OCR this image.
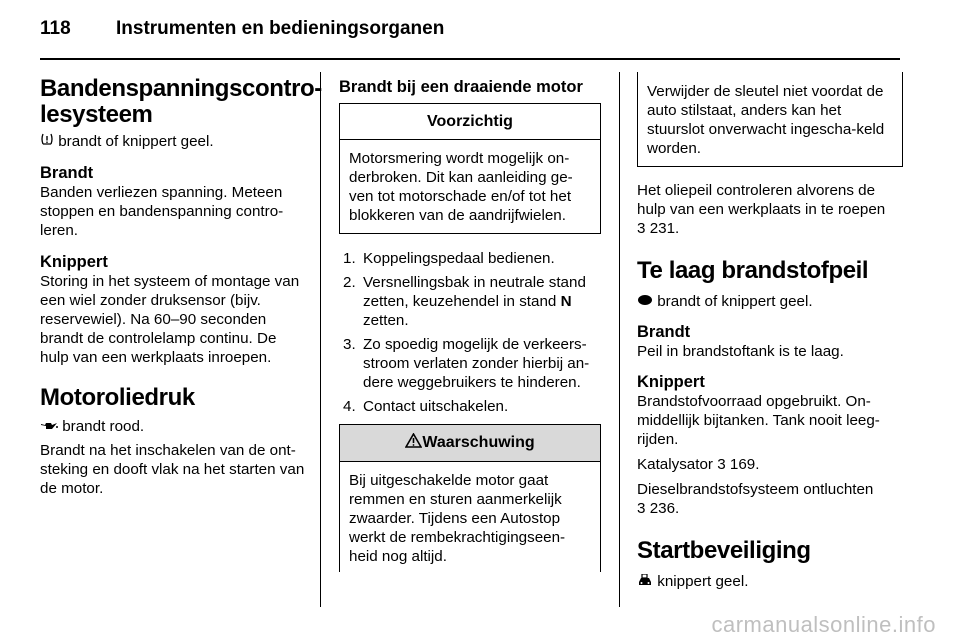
118 Instrumenten en bedieningsorganen
Bandenspanningscontro-
lesysteem

brandt of knippert geel.

Brandt

Banden verliezen spanning. Meteen stoppen en bandenspanning contro-leren.

Knippert

Storing in het systeem of montage van een wiel zonder druksensor (bijv. reservewiel). Na 60–90 seconden brandt de controlelamp continu. De hulp van een werkplaats inroepen.

Motoroliedruk

brandt rood.

Brandt na het inschakelen van de ont-steking en dooft vlak na het starten van de motor.

Brandt bij een draaiende motor
Voorzichtig
Motorsmering wordt mogelijk on-derbroken. Dit kan aanleiding ge-ven tot motorschade en/of tot het blokkeren van de aandrijfwielen.
1. Koppelingspedaal bedienen.
2. Versnellingsbak in neutrale stand zetten, keuzehendel in stand N
zetten.
3. Zo spoedig mogelijk de verkeers-stroom verlaten zonder hierbij an-dere weggebruikers te hinderen.
4. Contact uitschakelen.
Waarschuwing
Bij uitgeschakelde motor gaat remmen en sturen aanmerkelijk zwaarder. Tijdens een Autostop werkt de rembekrachtigingseen-heid nog altijd.
Verwijder de sleutel niet voordat de auto stilstaat, anders kan het stuurslot onverwacht ingescha-keld worden.

Het oliepeil controleren alvorens de hulp van een werkplaats in te roepen
3 231.

Te laag brandstofpeil

brandt of knippert geel.

Brandt

Peil in brandstoftank is te laag.

Knippert

Brandstofvoorraad opgebruikt. On-middellijk bijtanken. Tank nooit leeg-rijden.

Katalysator 3 169.

Dieselbrandstofsysteem ontluchten
3 236.

Startbeveiliging

knippert geel.

carmanualsonline.info
